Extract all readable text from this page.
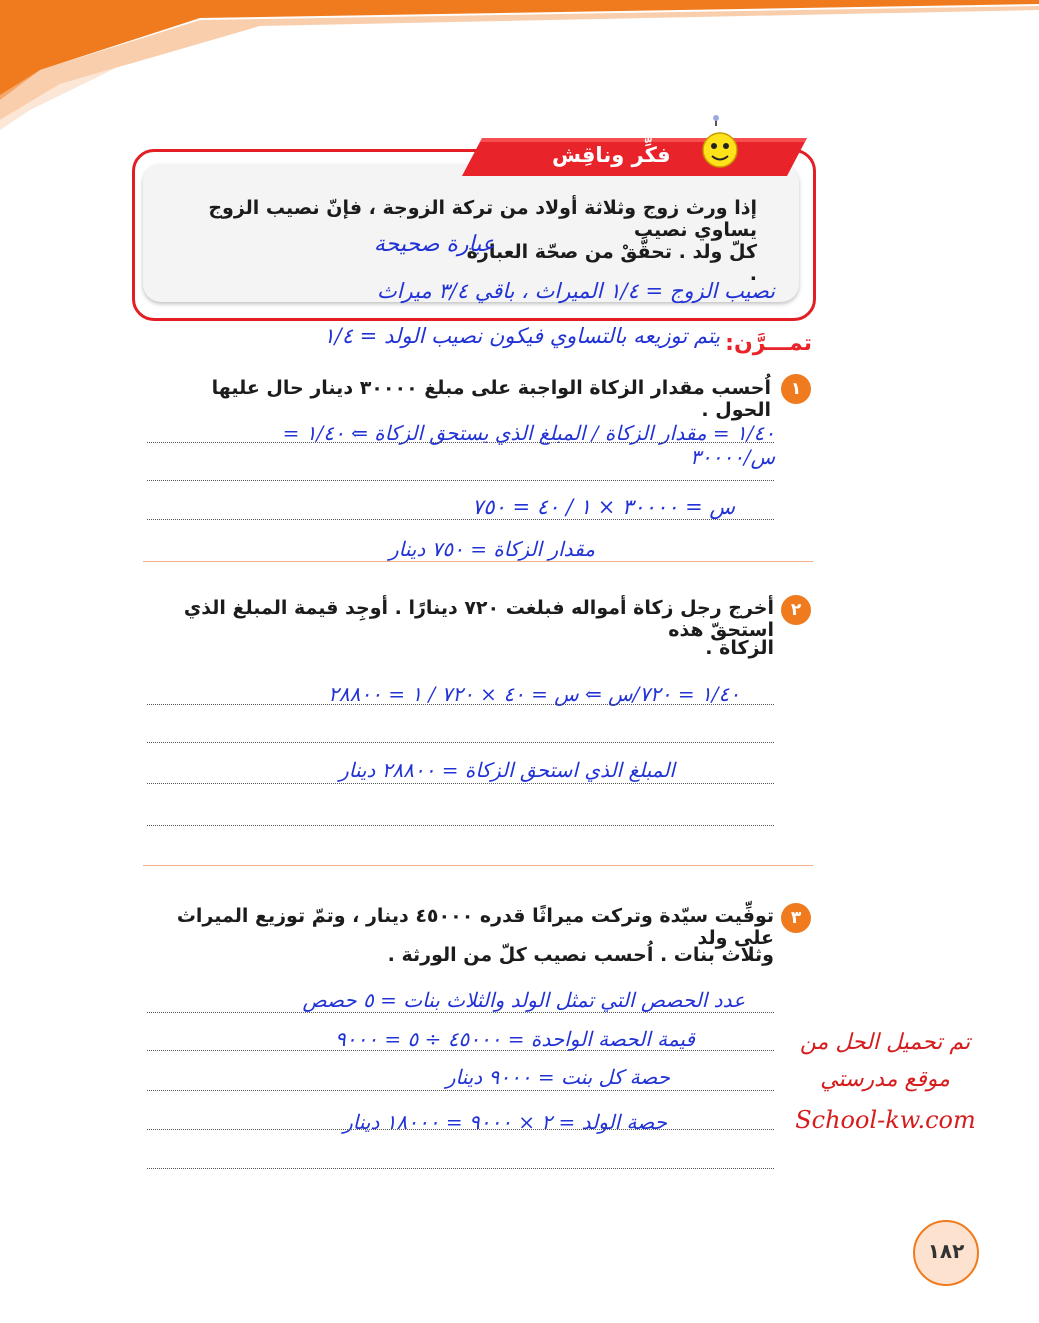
فكِّر وناقِش
إذا ورث زوج وثلاثة أولاد من تركة الزوجة ، فإنّ نصيب الزوج يساوي نصيب
كلّ ولد . تحقَّقْ من صحّة العبارة .
عبارة صحيحة
نصيب الزوج = ١/٤ الميراث ، باقي ٣/٤ ميراث
تمـــرَّن:
يتم توزيعه بالتساوي فيكون نصيب الولد = ١/٤
١
اُحسب مقدار الزكاة الواجبة على مبلغ ٣٠٠٠٠ دينار حال عليها الحول .
١/٤٠ = مقدار الزكاة / المبلغ الذي يستحق الزكاة ⇐ ١/٤٠ = س/٣٠٠٠٠
س = ٣٠٠٠٠ × ١ / ٤٠ = ٧٥٠
مقدار الزكاة = ٧٥٠ دينار
٢
أخرج رجل زكاة أمواله فبلغت ٧٢٠ دينارًا . أوجِد قيمة المبلغ الذي استحقّ هذه
الزكاة .
١/٤٠ = ٧٢٠/س ⇐ س = ٤٠ × ٧٢٠ / ١ = ٢٨٨٠٠
المبلغ الذي استحق الزكاة = ٢٨٨٠٠ دينار
٣
توفِّيت سيّدة وتركت ميراثًا قدره ٤٥٠٠٠ دينار ، وتمّ توزيع الميراث على ولد
وثلاث بنات . اُحسب نصيب كلّ من الورثة .
عدد الحصص التي تمثل الولد والثلاث بنات = ٥ حصص
قيمة الحصة الواحدة = ٤٥٠٠٠ ÷ ٥ = ٩٠٠٠
حصة كل بنت = ٩٠٠٠ دينار
حصة الولد = ٢ × ٩٠٠٠ = ١٨٠٠٠ دينار
تم تحميل الحل من
موقع مدرستي
School-kw.com
١٨٢
